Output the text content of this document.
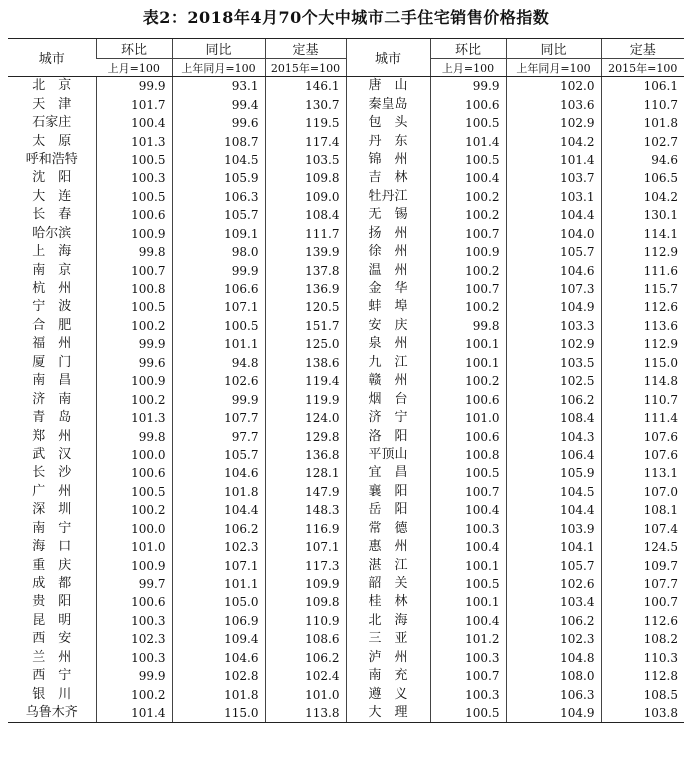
表2：2018年4月70个大中城市二手住宅销售价格指数
城市	环比	同比	定基	城市	环比	同比	定基
	上月=100	上年同月=100	2015年=100		上月=100	上年同月=100	2015年=100
北　京	99.9	93.1	146.1	唐　山	99.9	102.0	106.1
天　津	101.7	99.4	130.7	秦皇岛	100.6	103.6	110.7
石家庄	100.4	99.6	119.5	包　头	100.5	102.9	101.8
太　原	101.3	108.7	117.4	丹　东	101.4	104.2	102.7
呼和浩特	100.5	104.5	103.5	锦　州	100.5	101.4	94.6
沈　阳	100.3	105.9	109.8	吉　林	100.4	103.7	106.5
大　连	100.5	106.3	109.0	牡丹江	100.2	103.1	104.2
长　春	100.6	105.7	108.4	无　锡	100.2	104.4	130.1
哈尔滨	100.9	109.1	111.7	扬　州	100.7	104.0	114.1
上　海	99.8	98.0	139.9	徐　州	100.9	105.7	112.9
南　京	100.7	99.9	137.8	温　州	100.2	104.6	111.6
杭　州	100.8	106.6	136.9	金　华	100.7	107.3	115.7
宁　波	100.5	107.1	120.5	蚌　埠	100.2	104.9	112.6
合　肥	100.2	100.5	151.7	安　庆	99.8	103.3	113.6
福　州	99.9	101.1	125.0	泉　州	100.1	102.9	112.9
厦　门	99.6	94.8	138.6	九　江	100.1	103.5	115.0
南　昌	100.9	102.6	119.4	赣　州	100.2	102.5	114.8
济　南	100.2	99.9	119.9	烟　台	100.6	106.2	110.7
青　岛	101.3	107.7	124.0	济　宁	101.0	108.4	111.4
郑　州	99.8	97.7	129.8	洛　阳	100.6	104.3	107.6
武　汉	100.0	105.7	136.8	平顶山	100.8	106.4	107.6
长　沙	100.6	104.6	128.1	宜　昌	100.5	105.9	113.1
广　州	100.5	101.8	147.9	襄　阳	100.7	104.5	107.0
深　圳	100.2	104.4	148.3	岳　阳	100.4	104.4	108.1
南　宁	100.0	106.2	116.9	常　德	100.3	103.9	107.4
海　口	101.0	102.3	107.1	惠　州	100.4	104.1	124.5
重　庆	100.9	107.1	117.3	湛　江	100.1	105.7	109.7
成　都	99.7	101.1	109.9	韶　关	100.5	102.6	107.7
贵　阳	100.6	105.0	109.8	桂　林	100.1	103.4	100.7
昆　明	100.3	106.9	110.9	北　海	100.4	106.2	112.6
西　安	102.3	109.4	108.6	三　亚	101.2	102.3	108.2
兰　州	100.3	104.6	106.2	泸　州	100.3	104.8	110.3
西　宁	99.9	102.8	102.4	南　充	100.7	108.0	112.8
银　川	100.2	101.8	101.0	遵　义	100.3	106.3	108.5
乌鲁木齐	101.4	115.0	113.8	大　理	100.5	104.9	103.8
